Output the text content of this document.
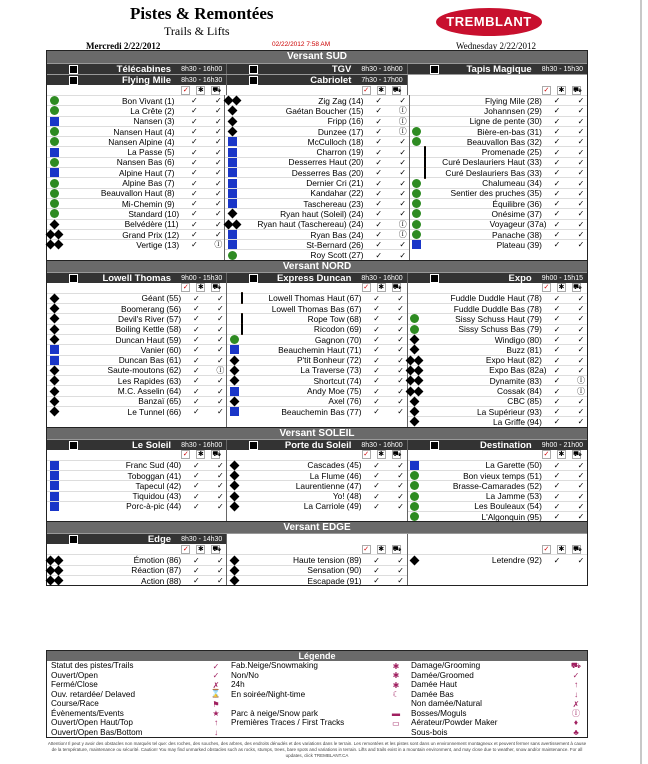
Pistes & Remontées
Trails & Lifts
Mercredi 2/22/2012	02/22/2012 7:58 AM	Wednesday 2/22/2012
TREMBLANT
Versant SUD
Télécabines	8h30 - 16h00	TGV	8h30 - 16h00	Tapis Magique	8h30 - 15h30
Flying Mile	8h30 - 16h30	Cabriolet	7h30 - 17h00
✓ ✱ ⛟	✓ ✱ ⛟	✓ ✱ ⛟
Bon Vivant (1)	✓	✓
La Crête (2)	✓	✓
Nansen (3)	✓	✓
Nansen Haut (4)	✓	✓
Nansen Alpine (4)	✓	✓
La Passe (5)	✓	✓
Nansen Bas (6)	✓	✓
Alpine Haut (7)	✓	✓
Alpine Bas (7)	✓	✓
Beauvallon Haut (8)	✓	✓
Mi-Chemin (9)	✓	✓
Standard (10)	✓	✓
Belvédère (11)	✓	✓
Grand Prix (12)	✓	✓
Vertige (13)	✓	Ⓘ
Zig Zag (14)	✓	✓
Gaétan Boucher (15)	✓	Ⓘ
Fripp (16)	✓	Ⓘ
Dunzee (17)	✓	Ⓘ
McCulloch (18)	✓	✓
Charron (19)	✓	✓
Desserres Haut (20)	✓	✓
Desserres Bas (20)	✓	✓
Dernier Cri (21)	✓	✓
Kandahar (22)	✓	✓
Taschereau (23)	✓	✓
Ryan haut (Soleil) (24)	✓	✓
Ryan haut (Taschereau) (24)	✓	Ⓘ
Ryan Bas (24)	✓	Ⓘ
St-Bernard (26)	✓	✓
Roy Scott (27)	✓	✓
Flying Mile (28)	✓	✓
Johannsen (29)	✓	✓
Ligne de pente (30)	✓	✓
Bière-en-bas (31)	✓	✓
Beauvallon Bas (32)	✓	✓
Promenade (25)	✓	✓
Curé Deslauriers Haut (33)	✓	✓
Curé Deslauriers Bas (33)	✓	✓
Chalumeau (34)	✓	✓
Sentier des pruches (35)	✓	✓
Équilibre (36)	✓	✓
Onésime (37)	✓	✓
Voyageur (37a) ✓	✓
Panache (38)	✓	✓
Plateau (39)	✓	✓
Versant NORD
Lowell Thomas	9h00 - 15h30	Express Duncan	8h30 - 16h00	Expo	9h00 - 15h15
✓ ✱ ⛟	✓ ✱ ⛟	✓ ✱ ⛟
Géant (55)	✓	✓
Boomerang (56)	✓	✓
Devil's River (57)	✓	✓
Boiling Kettle (58)	✓	✓
Duncan Haut (59)	✓	✓
Vanier (60)	✓	✓
Duncan Bas (61)	✓	✓
Saute-moutons (62)	✓	Ⓘ
Les Rapides (63)	✓	✓
M.C. Asselin (64)	✓	✓
Banzaï (65)	✓	✓
Le Tunnel (66)	✓	✓
Lowell Thomas Haut (67)	✓	✓
Lowell Thomas Bas (67)	✓	✓
Rope Tow (68)	✓	✓
Ricodon (69)	✓	✓
Gagnon (70)	✓	✓
Beauchemin Haut (71)	✓	✓
P'tit Bonheur (72)	✓	✓
La Traverse (73)	✓	✓
Shortcut (74)	✓	✓
Andy Moe (75)	✓	✓
Axel (76)	✓	✓
Beauchemin Bas (77)	✓	✓
Fuddle Duddle Haut (78)	✓	✓
Fuddle Duddle Bas (78)	✓	✓
Sissy Schuss Haut (79)	✓	✓
Sissy Schuss Bas (79)	✓	✓
Windigo (80)	✓	✓
Buzz (81)	✓	✓
Expo Haut (82)	✓	✓
Expo Bas (82a) ✓	✓
Dynamite (83)	✓	Ⓘ
Cossak (84)	✓	Ⓘ
CBC (85)	✓	✓
La Supérieur (93)	✓	✓
La Griffe (94)	✓	✓
Versant SOLEIL
Le Soleil	8h30 - 16h00	Porte du Soleil	8h30 - 16h00	Destination	9h00 - 21h00
✓ ✱ ⛟	✓ ✱ ⛟	✓ ✱ ⛟
Franc Sud (40)	✓	✓
Toboggan (41)	✓	✓
Tapecul (42)	✓	✓
Tiquidou (43)	✓	✓
Porc-à-pic (44)	✓	✓
Cascades (45)	✓	✓
La Flume (46)	✓	✓
Laurentienne (47)	✓	✓
Yo! (48)	✓	✓
La Carriole (49)	✓	✓
La Garette (50)	✓	✓
Bon vieux temps (51)	✓	✓
Brasse-Camarades (52)	✓	✓
La Jamme (53)	✓	✓
Les Bouleaux (54)	✓	✓
L'Algonquin (95)	✓	✓
Versant EDGE
Edge	8h30 - 14h30
✓ ✱ ⛟	✓ ✱ ⛟	✓ ✱ ⛟
Émotion (86)	✓	✓
Réaction (87)	✓	✓
Action (88)	✓	✓
Haute tension (89)	✓	✓
Sensation (90)	✓	✓
Escapade (91)	✓	✓
Letendre (92)	✓	✓
Légende
Statut des pistes/Trails	✓
Ouvert/Open	✓
Fermé/Close	✗
Ouv. retardée/ Delaved	⌛
Course/Race	⚑
Évènements/Events	★
Ouvert/Open Haut/Top	↑
Ouvert/Open Bas/Bottom	↓
Fab.Neige/Snowmaking	✱
Non/No	✱
24h	✱
En soirée/Night-time	☾
Parc à neige/Snow park	▬
Premières Traces / First Tracks	▭
Damage/Grooming	⛟
Damée/Groomed	✓
Damée Haut	↑
Damée Bas	↓
Non damée/Natural	✗
Bosses/Moguls	Ⓘ
Aérateur/Powder Maker	♦
Sous-bois	♣
Attention! Il peut y avoir des obstacles non marqués tel que: des roches, des souches, des arbres, des endroits dénudés et des variations dans le terrain. Les remontées et les pistes sont dans un environnement montagneux et peuvent fermer sans avertissement à cause de la température, maintenance ou sécurité. Caution! You may find unmarked obstacles such as rocks, stumps, trees, bare spots and variations in terrain. Lifts and trails exist in a mountain environment, and may close due to weather, snow and/or maintenance. For all updates, click TREMBLANT.CA
